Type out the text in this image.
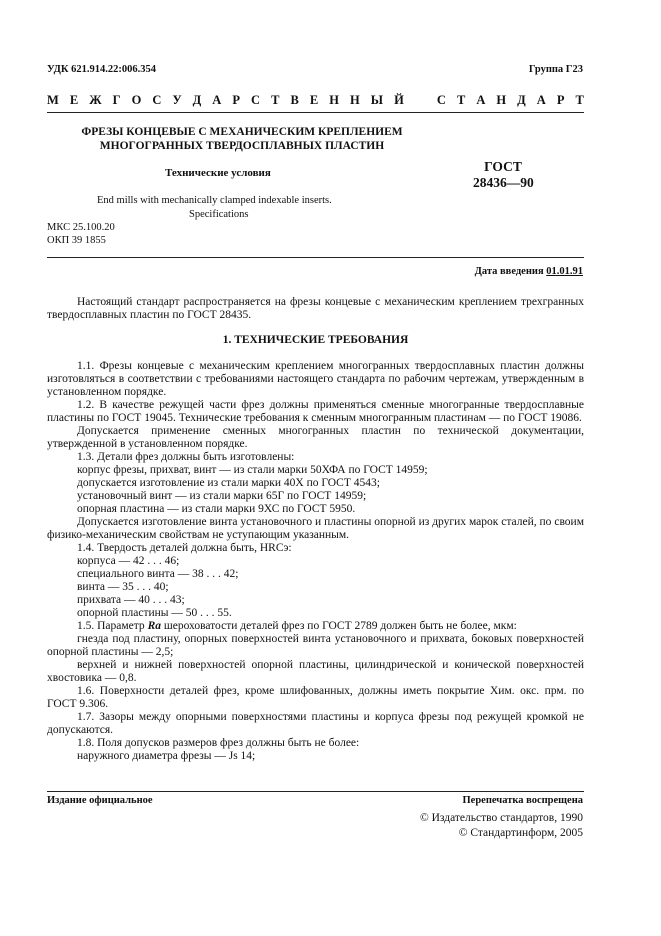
УДК 621.914.22:006.354	Группа Г23
М Е Ж Г О С У Д А Р С Т В Е Н Н Ы Й	С Т А Н Д А Р Т
ФРЕЗЫ КОНЦЕВЫЕ С МЕХАНИЧЕСКИМ КРЕПЛЕНИЕМ
МНОГОГРАННЫХ ТВЕРДОСПЛАВНЫХ ПЛАСТИН
Технические условия	ГОСТ
28436—90
End mills with mechanically clamped indexable inserts.
Specifications
МКС 25.100.20
ОКП 39 1855
Дата введения 01.01.91

Настоящий стандарт распространяется на фрезы концевые с механическим креплением трехгранных твердосплавных пластин по ГОСТ 28435.

1. ТЕХНИЧЕСКИЕ ТРЕБОВАНИЯ

1.1. Фрезы концевые с механическим креплением многогранных твердосплавных пластин должны изготовляться в соответствии с требованиями настоящего стандарта по рабочим чертежам, утвержденным в установленном порядке.

1.2. В качестве режущей части фрез должны применяться сменные многогранные твердосплавные пластины по ГОСТ 19045. Технические требования к сменным многогранным пластинам — по ГОСТ 19086.

Допускается применение сменных многогранных пластин по технической документации, утвержденной в установленном порядке.

1.3. Детали фрез должны быть изготовлены:

корпус фрезы, прихват, винт — из стали марки 50ХФА по ГОСТ 14959;

допускается изготовление из стали марки 40Х по ГОСТ 4543;

установочный винт — из стали марки 65Г по ГОСТ 14959;

опорная пластина — из стали марки 9ХС по ГОСТ 5950.

Допускается изготовление винта установочного и пластины опорной из других марок сталей, по своим физико-механическим свойствам не уступающим указанным.

1.4. Твердость деталей должна быть, HRCэ:

корпуса — 42 . . . 46;

специального винта — 38 . . . 42;

винта — 35 . . . 40;

прихвата — 40 . . . 43;

опорной пластины — 50 . . . 55.

1.5. Параметр Ra шероховатости деталей фрез по ГОСТ 2789 должен быть не более, мкм:

гнезда под пластину, опорных поверхностей винта установочного и прихвата, боковых поверхностей опорной пластины — 2,5;

верхней и нижней поверхностей опорной пластины, цилиндрической и конической поверхностей хвостовика — 0,8.

1.6. Поверхности деталей фрез, кроме шлифованных, должны иметь покрытие Хим. окс. прм. по ГОСТ 9.306.

1.7. Зазоры между опорными поверхностями пластины и корпуса фрезы под режущей кромкой не допускаются.

1.8. Поля допусков размеров фрез должны быть не более:

наружного диаметра фрезы — Js 14;

Издание официальное	Перепечатка воспрещена
© Издательство стандартов, 1990
© Стандартинформ, 2005
